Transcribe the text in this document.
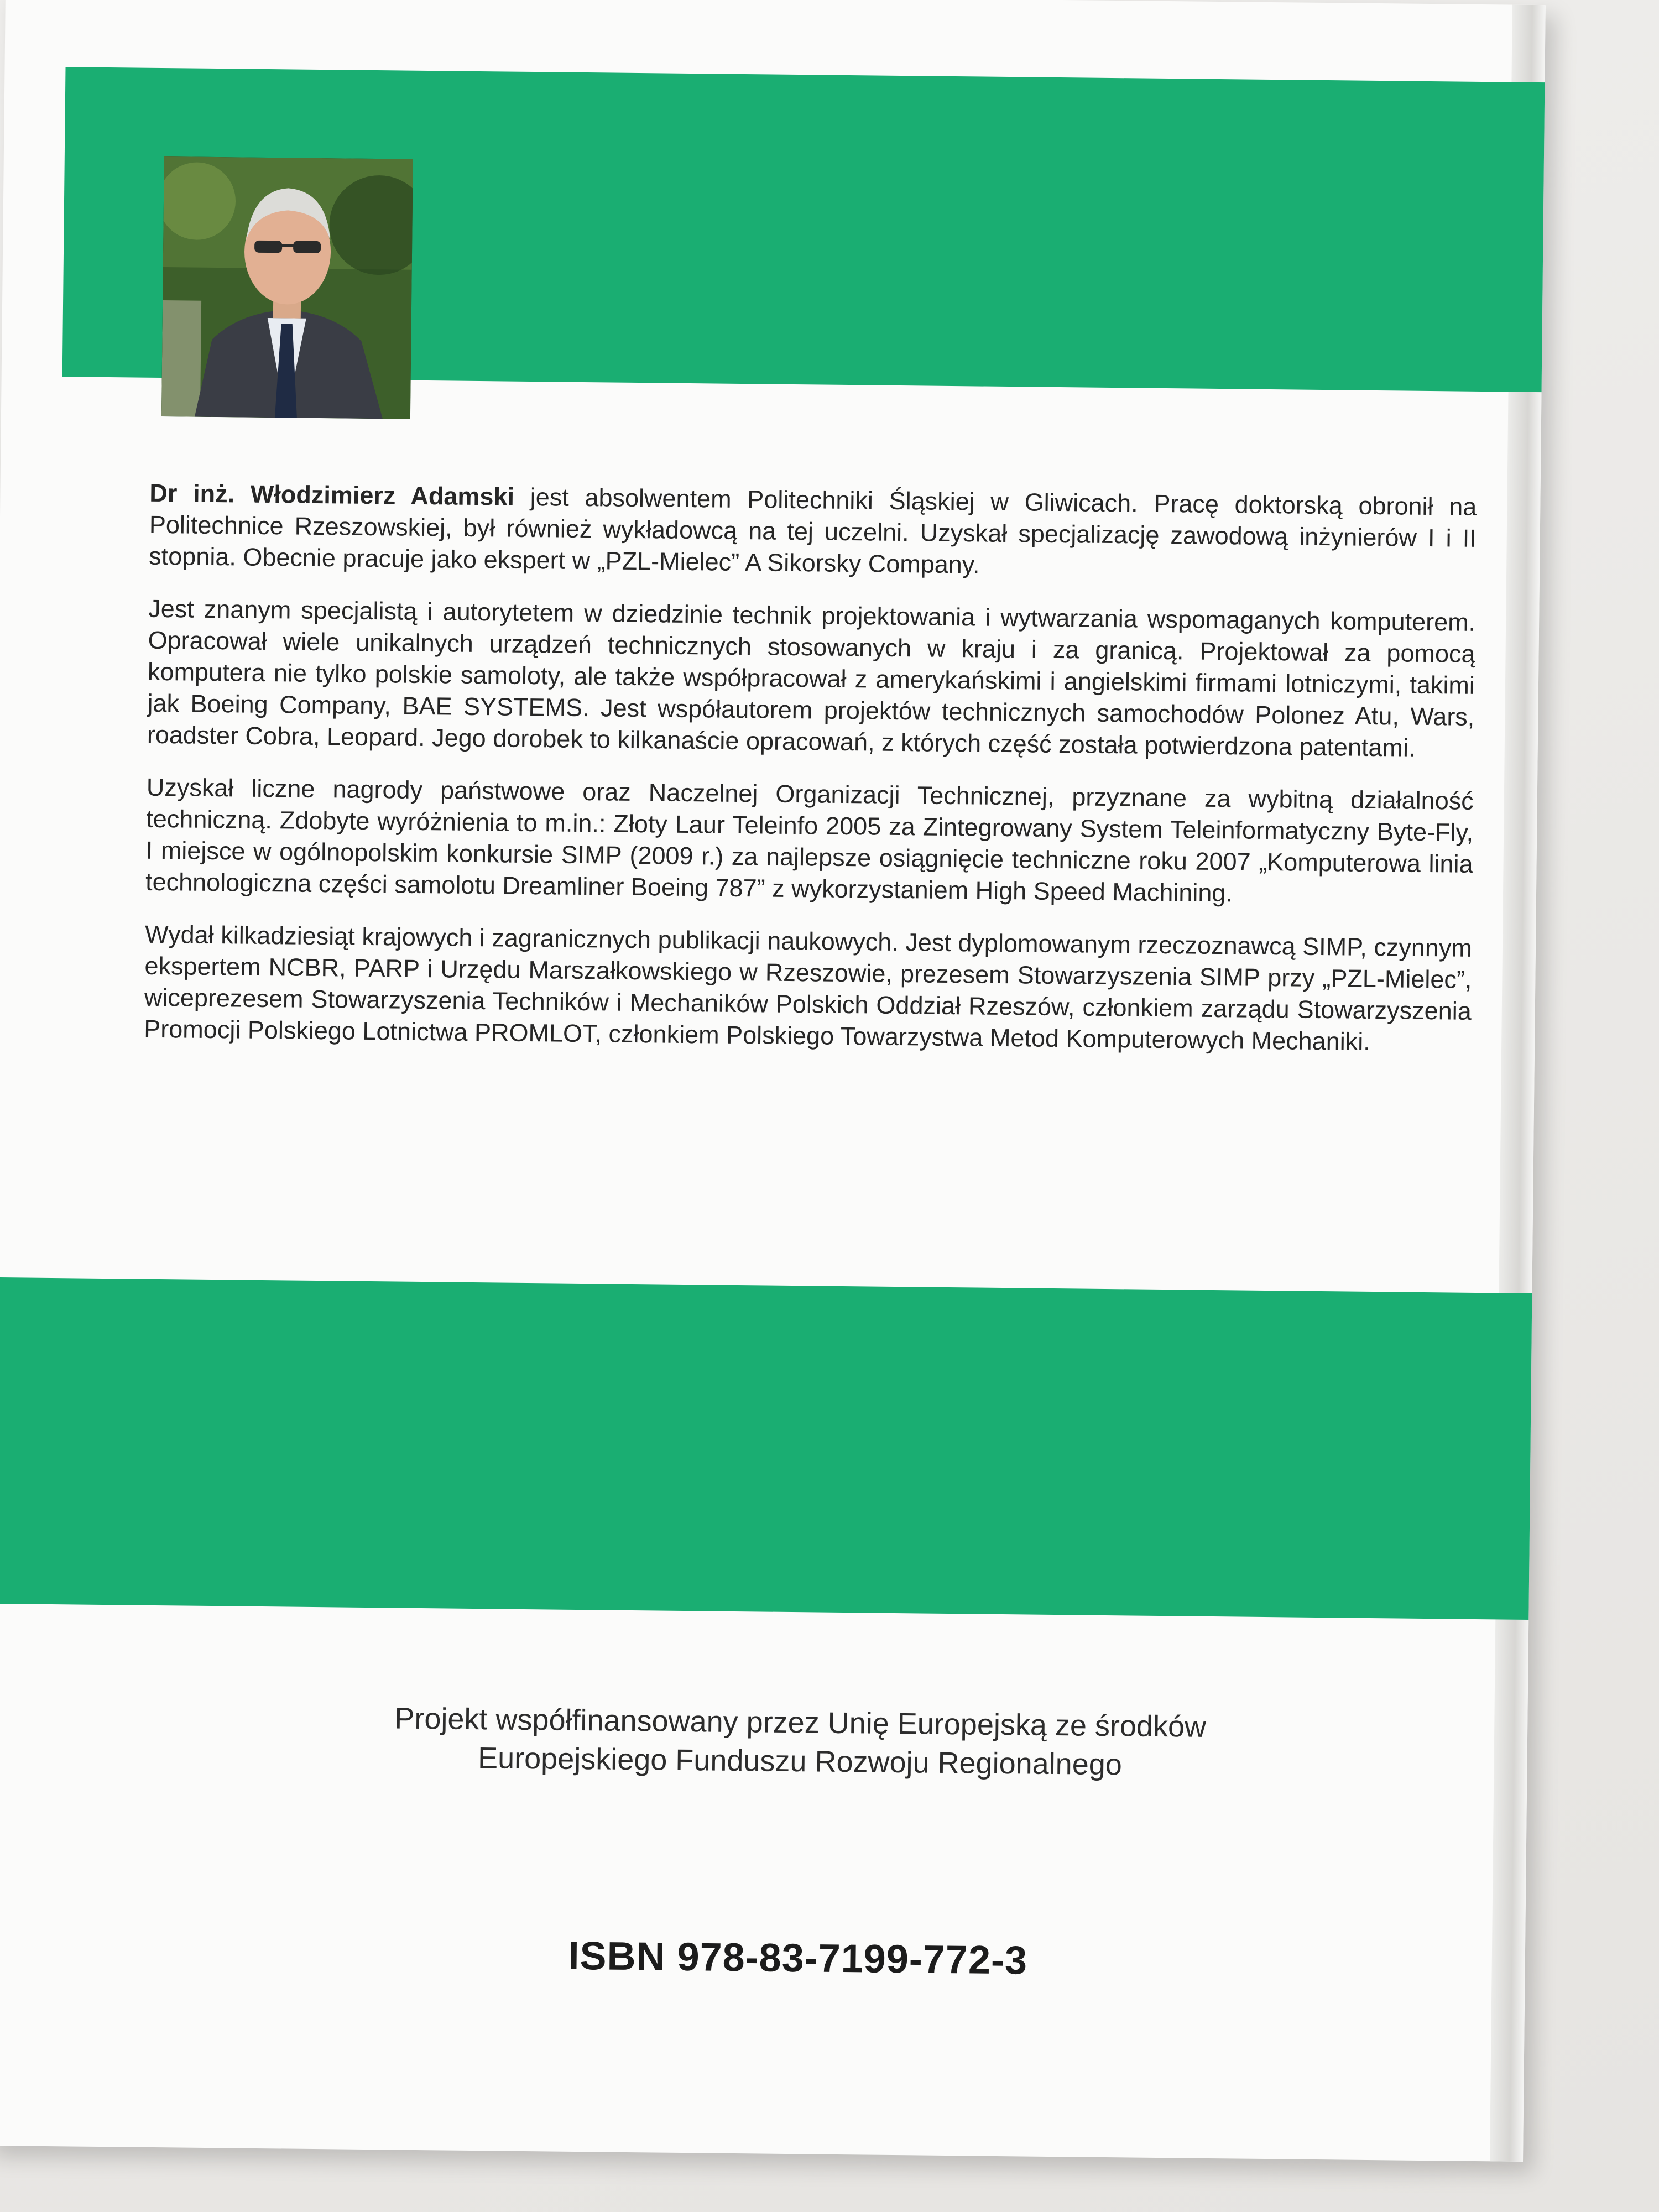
Dr inż. Włodzimierz Adamski jest absolwentem Politechniki Śląskiej w Gliwicach. Pracę doktorską obronił na Politechnice Rzeszowskiej, był również wykładowcą na tej uczelni. Uzyskał specjalizację zawodową inżynierów I i II stopnia. Obecnie pracuje jako ekspert w „PZL-Mielec” A Sikorsky Company.

Jest znanym specjalistą i autorytetem w dziedzinie technik projektowania i wytwarzania wspomaganych komputerem. Opracował wiele unikalnych urządzeń technicznych stosowanych w kraju i za granicą. Projektował za pomocą komputera nie tylko polskie samoloty, ale także współpracował z amerykańskimi i angielskimi firmami lotniczymi, takimi jak Boeing Company, BAE SYSTEMS. Jest współautorem projektów technicznych samochodów Polonez Atu, Wars, roadster Cobra, Leopard. Jego dorobek to kilkanaście opracowań, z których część została potwierdzona patentami.

Uzyskał liczne nagrody państwowe oraz Naczelnej Organizacji Technicznej, przyznane za wybitną działalność techniczną. Zdobyte wyróżnienia to m.in.: Złoty Laur Teleinfo 2005 za Zintegrowany System Teleinformatyczny Byte-Fly, I miejsce w ogólnopolskim konkursie SIMP (2009 r.) za najlepsze osiągnięcie techniczne roku 2007 „Komputerowa linia technologiczna części samolotu Dreamliner Boeing 787” z wykorzystaniem High Speed Machining.

Wydał kilkadziesiąt krajowych i zagranicznych publikacji naukowych. Jest dyplomowanym rzeczoznawcą SIMP, czynnym ekspertem NCBR, PARP i Urzędu Marszałkowskiego w Rzeszowie, prezesem Stowarzyszenia SIMP przy „PZL-Mielec”, wiceprezesem Stowarzyszenia Techników i Mechaników Polskich Oddział Rzeszów, członkiem zarządu Stowarzyszenia Promocji Polskiego Lotnictwa PROMLOT, członkiem Polskiego Towarzystwa Metod Komputerowych Mechaniki.

Projekt współfinansowany przez Unię Europejską ze środków
Europejskiego Funduszu Rozwoju Regionalnego
ISBN 978-83-7199-772-3
